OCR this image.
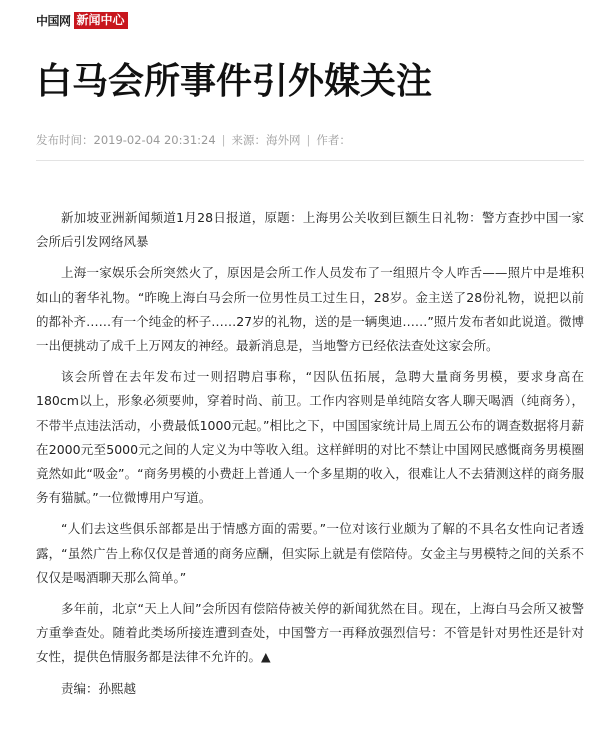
中国网 新闻中心
白马会所事件引外媒关注
发布时间：2019-02-04 20:31:24 | 来源：海外网 | 作者：

新加坡亚洲新闻频道1月28日报道，原题：上海男公关收到巨额生日礼物：警方查抄中国一家会所后引发网络风暴

上海一家娱乐会所突然火了，原因是会所工作人员发布了一组照片令人咋舌——照片中是堆积如山的奢华礼物。“昨晚上海白马会所一位男性员工过生日，28岁。金主送了28份礼物，说把以前的都补齐……有一个纯金的杯子……27岁的礼物，送的是一辆奥迪……”照片发布者如此说道。微博一出便挑动了成千上万网友的神经。最新消息是，当地警方已经依法查处这家会所。

该会所曾在去年发布过一则招聘启事称，“因队伍拓展，急聘大量商务男模，要求身高在180cm以上，形象必须要帅，穿着时尚、前卫。工作内容则是单纯陪女客人聊天喝酒（纯商务），不带半点违法活动，小费最低1000元起。”相比之下，中国国家统计局上周五公布的调查数据将月薪在2000元至5000元之间的人定义为中等收入组。这样鲜明的对比不禁让中国网民感慨商务男模圈竟然如此“吸金”。“商务男模的小费赶上普通人一个多星期的收入，很难让人不去猜测这样的商务服务有猫腻。”一位微博用户写道。

“人们去这些俱乐部都是出于情感方面的需要。”一位对该行业颇为了解的不具名女性向记者透露，“虽然广告上称仅仅是普通的商务应酬，但实际上就是有偿陪侍。女金主与男模特之间的关系不仅仅是喝酒聊天那么简单。”

多年前，北京“天上人间”会所因有偿陪侍被关停的新闻犹然在目。现在，上海白马会所又被警方重拳查处。随着此类场所接连遭到查处，中国警方一再释放强烈信号：不管是针对男性还是针对女性，提供色情服务都是法律不允许的。▲

责编：孙熙越
